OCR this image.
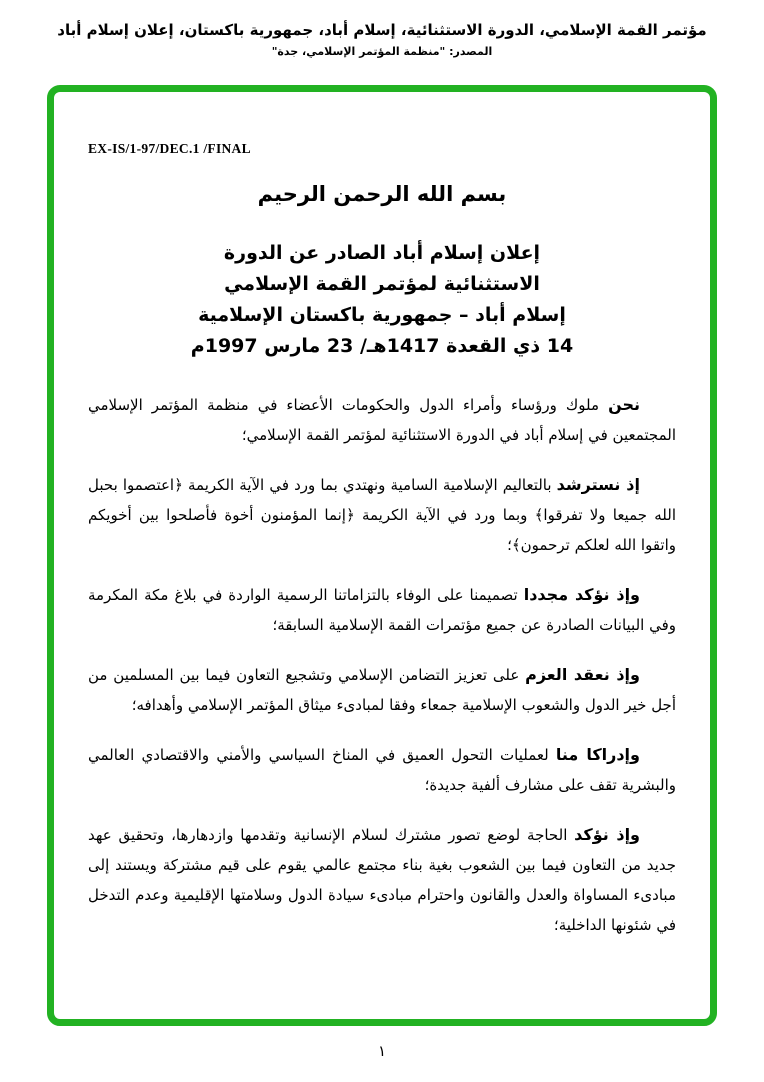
مؤتمر القمة الإسلامي، الدورة الاستثنائية، إسلام أباد، جمهورية باكستان، إعلان إسلام أباد
المصدر: "منظمة المؤتمر الإسلامي، جدة"
EX-IS/1-97/DEC.1 /FINAL
بسم الله الرحمن الرحيم
إعلان إسلام أباد الصادر عن الدورة
الاستثنائية لمؤتمر القمة الإسلامي
إسلام أباد – جمهورية باكستان الإسلامية
14 ذي القعدة 1417هـ/ 23 مارس 1997م

نحن ملوك ورؤساء وأمراء الدول والحكومات الأعضاء في منظمة المؤتمر الإسلامي المجتمعين في إسلام أباد في الدورة الاستثنائية لمؤتمر القمة الإسلامي؛

إذ نسترشد بالتعاليم الإسلامية السامية ونهتدي بما ورد في الآية الكريمة ﴿اعتصموا بحبل الله جميعا ولا تفرقوا﴾ وبما ورد في الآية الكريمة ﴿إنما المؤمنون أخوة فأصلحوا بين أخويكم واتقوا الله لعلكم ترحمون﴾؛

وإذ نؤكد مجددا تصميمنا على الوفاء بالتزاماتنا الرسمية الواردة في بلاغ مكة المكرمة وفي البيانات الصادرة عن جميع مؤتمرات القمة الإسلامية السابقة؛

وإذ نعقد العزم على تعزيز التضامن الإسلامي وتشجيع التعاون فيما بين المسلمين من أجل خير الدول والشعوب الإسلامية جمعاء وفقا لمبادىء ميثاق المؤتمر الإسلامي وأهدافه؛

وإدراكا منا لعمليات التحول العميق في المناخ السياسي والأمني والاقتصادي العالمي والبشرية تقف على مشارف ألفية جديدة؛

وإذ نؤكد الحاجة لوضع تصور مشترك لسلام الإنسانية وتقدمها وازدهارها، وتحقيق عهد جديد من التعاون فيما بين الشعوب بغية بناء مجتمع عالمي يقوم على قيم مشتركة ويستند إلى مبادىء المساواة والعدل والقانون واحترام مبادىء سيادة الدول وسلامتها الإقليمية وعدم التدخل في شئونها الداخلية؛

١
